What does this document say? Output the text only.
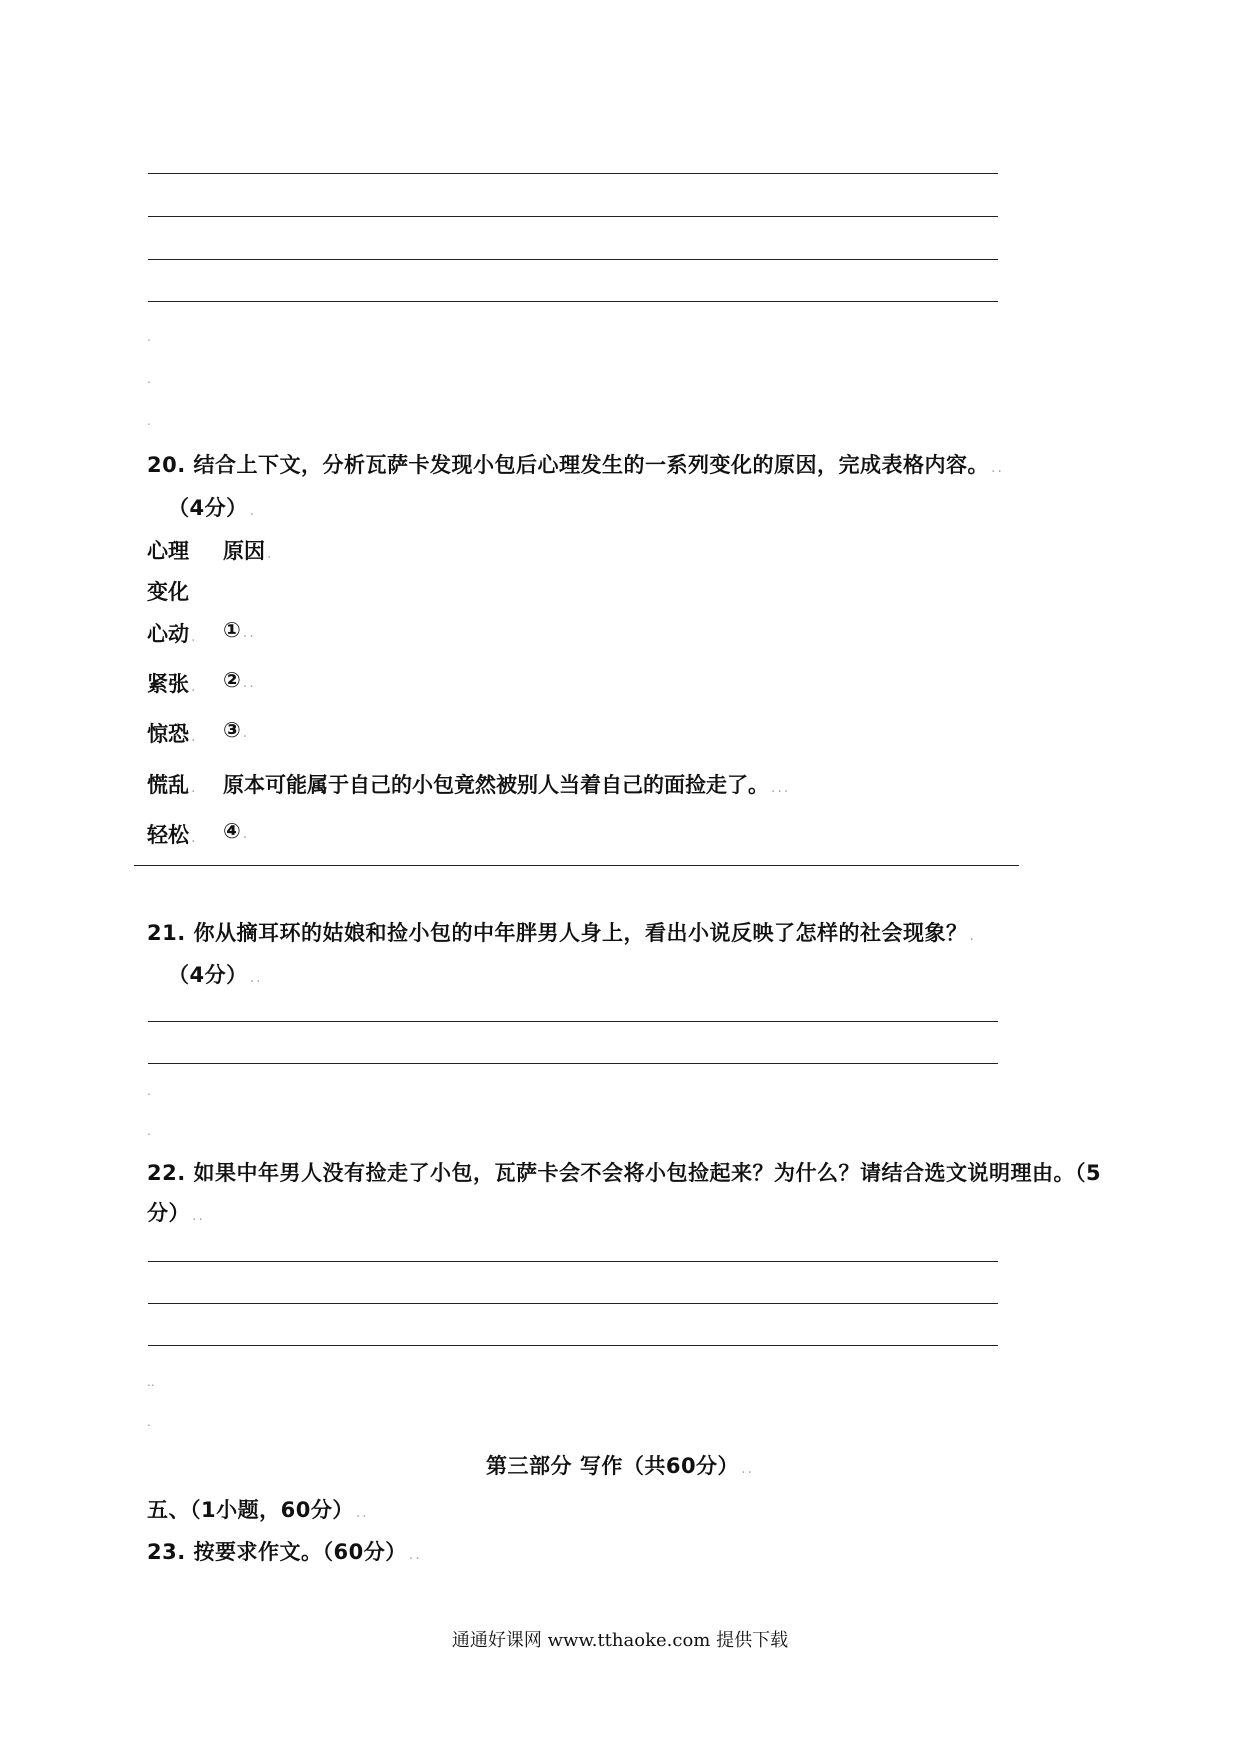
.
.
.
20. 结合上下文，分析瓦萨卡发现小包后心理发生的一系列变化的原因，完成表格内容。 ..
（4分） .
心理 原因 .
变化
心动 . ① ..
紧张 . ② ..
惊恐 . ③ .
慌乱 . 原本可能属于自己的小包竟然被别人当着自己的面捡走了。 ...
轻松 . ④ .
21. 你从摘耳环的姑娘和捡小包的中年胖男人身上，看出小说反映了怎样的社会现象？ .
（4分） ..
.
.
22. 如果中年男人没有捡走了小包，瓦萨卡会不会将小包捡起来？为什么？请结合选文说明理由。（5
分） ..
..
.
第三部分 写作（共60分） ..
五、（1小题，60分） ..
23. 按要求作文。（60分） ..
通通好课网 www.tthaoke.com 提供下载
